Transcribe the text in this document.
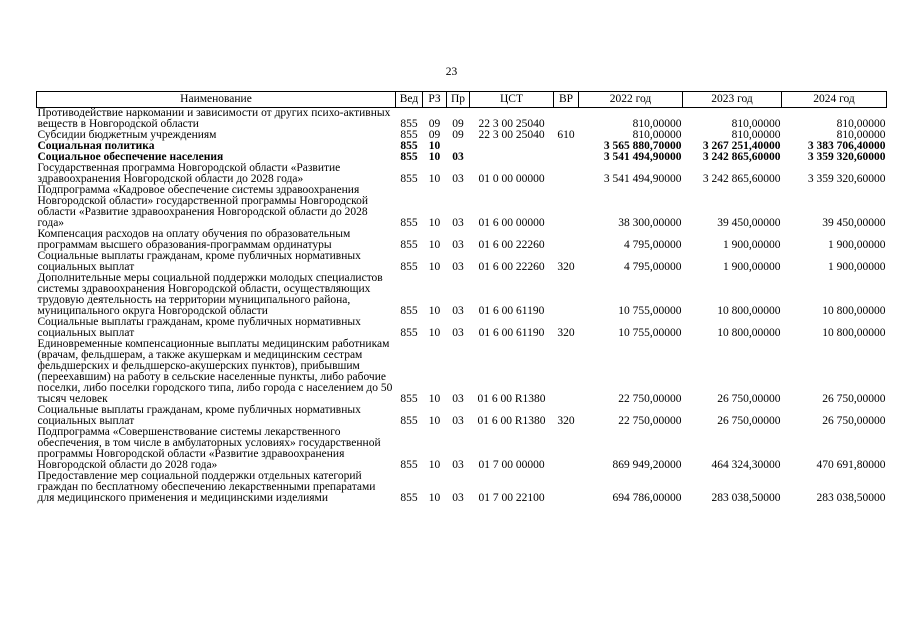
23
Наименование	Вед	РЗ	Пр	ЦСТ	ВР	2022 год	2023 год	2024 год
Противодействие наркомании и зависимости от других психо-активных веществ в Новгородской области	855	09	09	22 3 00 25040		810,00000	810,00000	810,00000
Субсидии бюджетным учреждениям	855	09	09	22 3 00 25040	610	810,00000	810,00000	810,00000
Социальная политика	855	10				3 565 880,70000	3 267 251,40000	3 383 706,40000
Социальное обеспечение населения	855	10	03			3 541 494,90000	3 242 865,60000	3 359 320,60000
Государственная программа Новгородской области «Развитие здравоохранения Новгородской области до 2028 года»	855	10	03	01 0 00 00000		3 541 494,90000	3 242 865,60000	3 359 320,60000
Подпрограмма «Кадровое обеспечение системы здравоохранения Новгородской области» государственной программы Новгородской области «Развитие здравоохранения Новгородской области до 2028 года»	855	10	03	01 6 00 00000		38 300,00000	39 450,00000	39 450,00000
Компенсация расходов на оплату обучения по образовательным программам высшего образования-программам ординатуры	855	10	03	01 6 00 22260		4 795,00000	1 900,00000	1 900,00000
Социальные выплаты гражданам, кроме публичных нормативных социальных выплат	855	10	03	01 6 00 22260	320	4 795,00000	1 900,00000	1 900,00000
Дополнительные меры социальной поддержки молодых специалистов системы здравоохранения Новгородской области, осуществляющих трудовую деятельность на территории муниципального района, муниципального округа Новгородской области	855	10	03	01 6 00 61190		10 755,00000	10 800,00000	10 800,00000
Социальные выплаты гражданам, кроме публичных нормативных социальных выплат	855	10	03	01 6 00 61190	320	10 755,00000	10 800,00000	10 800,00000
Единовременные компенсационные выплаты медицинским работникам (врачам, фельдшерам, а также акушеркам и медицинским сестрам фельдшерских и фельдшерско-акушерских пунктов), прибывшим (переехавшим) на работу в сельские населенные пункты, либо рабочие поселки, либо поселки городского типа, либо города с населением до 50 тысяч человек	855	10	03	01 6 00 R1380		22 750,00000	26 750,00000	26 750,00000
Социальные выплаты гражданам, кроме публичных нормативных социальных выплат	855	10	03	01 6 00 R1380	320	22 750,00000	26 750,00000	26 750,00000
Подпрограмма «Совершенствование системы лекарственного обеспечения, в том числе в амбулаторных условиях» государственной программы Новгородской области «Развитие здравоохранения Новгородской области до 2028 года»	855	10	03	01 7 00 00000		869 949,20000	464 324,30000	470 691,80000
Предоставление мер социальной поддержки отдельных категорий граждан по бесплатному обеспечению лекарственными препаратами для медицинского применения и медицинскими изделиями	855	10	03	01 7 00 22100		694 786,00000	283 038,50000	283 038,50000
